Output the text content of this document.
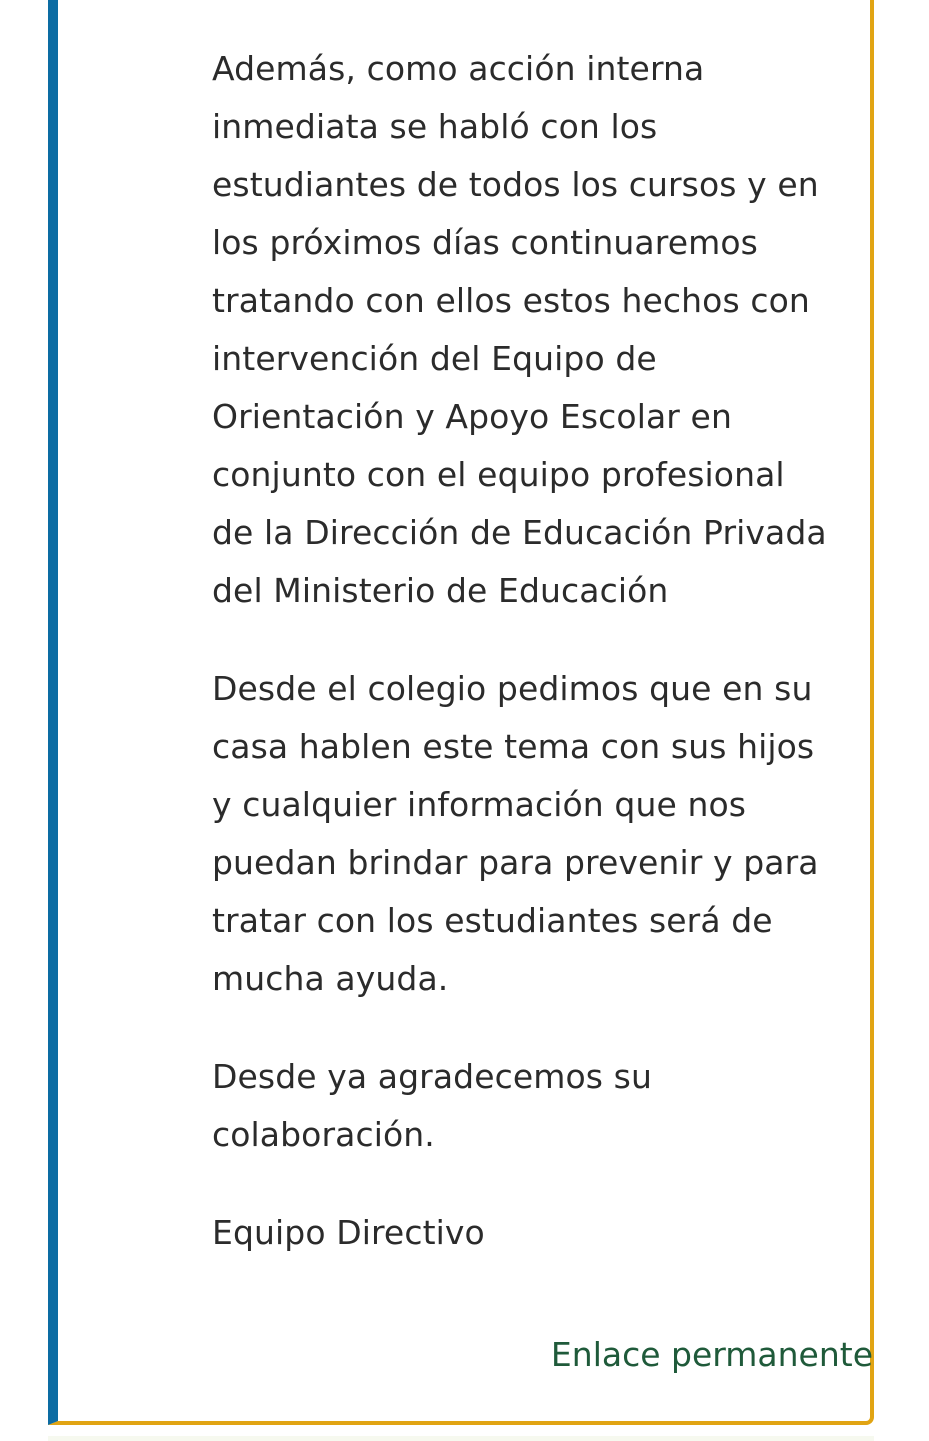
Además, como acción interna
inmediata se habló con los
estudiantes de todos los cursos y en
los próximos días continuaremos
tratando con ellos estos hechos con
intervención del Equipo de
Orientación y Apoyo Escolar en
conjunto con el equipo profesional
de la Dirección de Educación Privada
del Ministerio de Educación

Desde el colegio pedimos que en su
casa hablen este tema con sus hijos
y cualquier información que nos
puedan brindar para prevenir y para
tratar con los estudiantes será de
mucha ayuda.

Desde ya agradecemos su
colaboración.

Equipo Directivo

Enlace permanente
